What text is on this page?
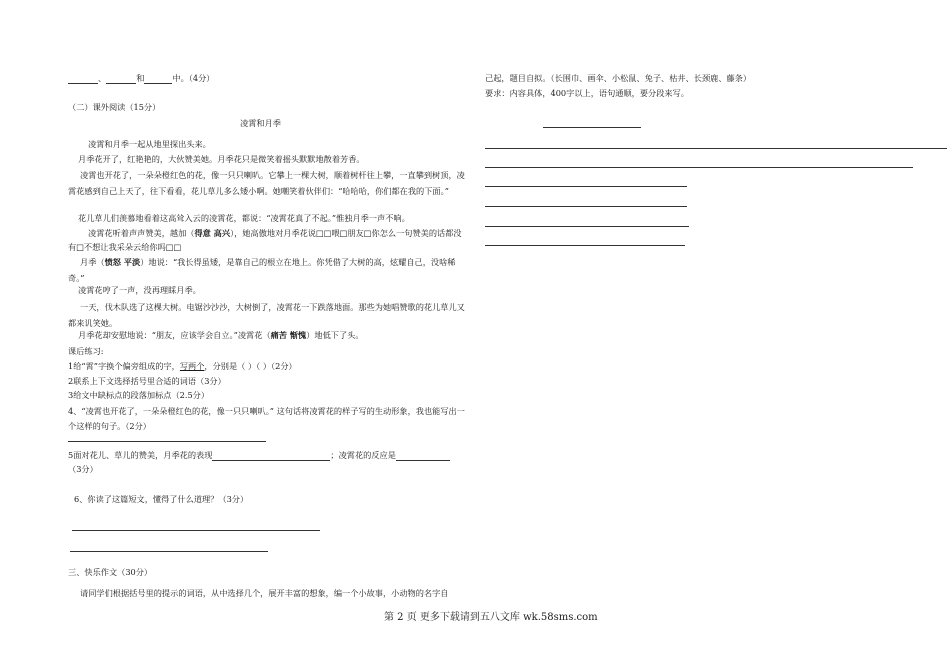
、	和	中。（4分）
（二）课外阅读（15分）
凌霄和月季
凌霄和月季一起从地里探出头来。
月季花开了，红艳艳的，大伙赞美她。月季花只是微笑着摇头默默地散着芳香。
凌霄也开花了，一朵朵橙红色的花，像一只只喇叭。它攀上一棵大树，顺着树杆往上攀，一直攀到树顶，凌霄花感到自己上天了，往下看看，花儿草儿多么矮小啊。她嘲笑着伙伴们：“哈哈哈，你们都在我的下面。”
花儿草儿们羡慕地看着这高耸入云的凌霄花，都说：“凌霄花真了不起。”惟独月季一声不响。
凌霄花听着声声赞美，越加（得意 高兴），她高傲地对月季花说□□喂□朋友□你怎么一句赞美的话都没有□不想让我采朵云给你吗□□
月季（愤怒 平淡）地说：“我长得虽矮，是靠自己的根立在地上。你凭借了大树的高，炫耀自己，没啥稀奇。”
凌霄花哼了一声，没再理睬月季。
一天，伐木队选了这棵大树。电锯沙沙沙，大树倒了，凌霄花一下跌落地面。那些为她唱赞歌的花儿草儿又都来讥笑她。
月季花却安慰地说：“朋友，应该学会自立。”凌霄花（痛苦 惭愧）地低下了头。
课后练习:
1给“霄”字换个偏旁组成的字，写两个，分别是（ ）（ ）（2分）
2联系上下文选择括号里合适的词语（3分）
3给文中缺标点的段落加标点（2.5分）
4、“凌霄也开花了，一朵朵橙红色的花，像一只只喇叭。” 这句话将凌霄花的样子写的生动形象，我也能写出一个这样的句子。（2分）
5面对花儿、草儿的赞美，月季花的表现	；凌霄花的反应是
（3分）
6、你读了这篇短文，懂得了什么道理？（3分）
三、快乐作文（30分）
请同学们根据括号里的提示的词语，从中选择几个，展开丰富的想象，编一个小故事，小动物的名字自
己起，题目自拟。（长围巾、画伞、小松鼠、兔子、枯井、长颈鹿、藤条）
要求：内容具体，400字以上，语句通顺，要分段来写。
第 2 页 更多下载请到五八文库 wk.58sms.com
